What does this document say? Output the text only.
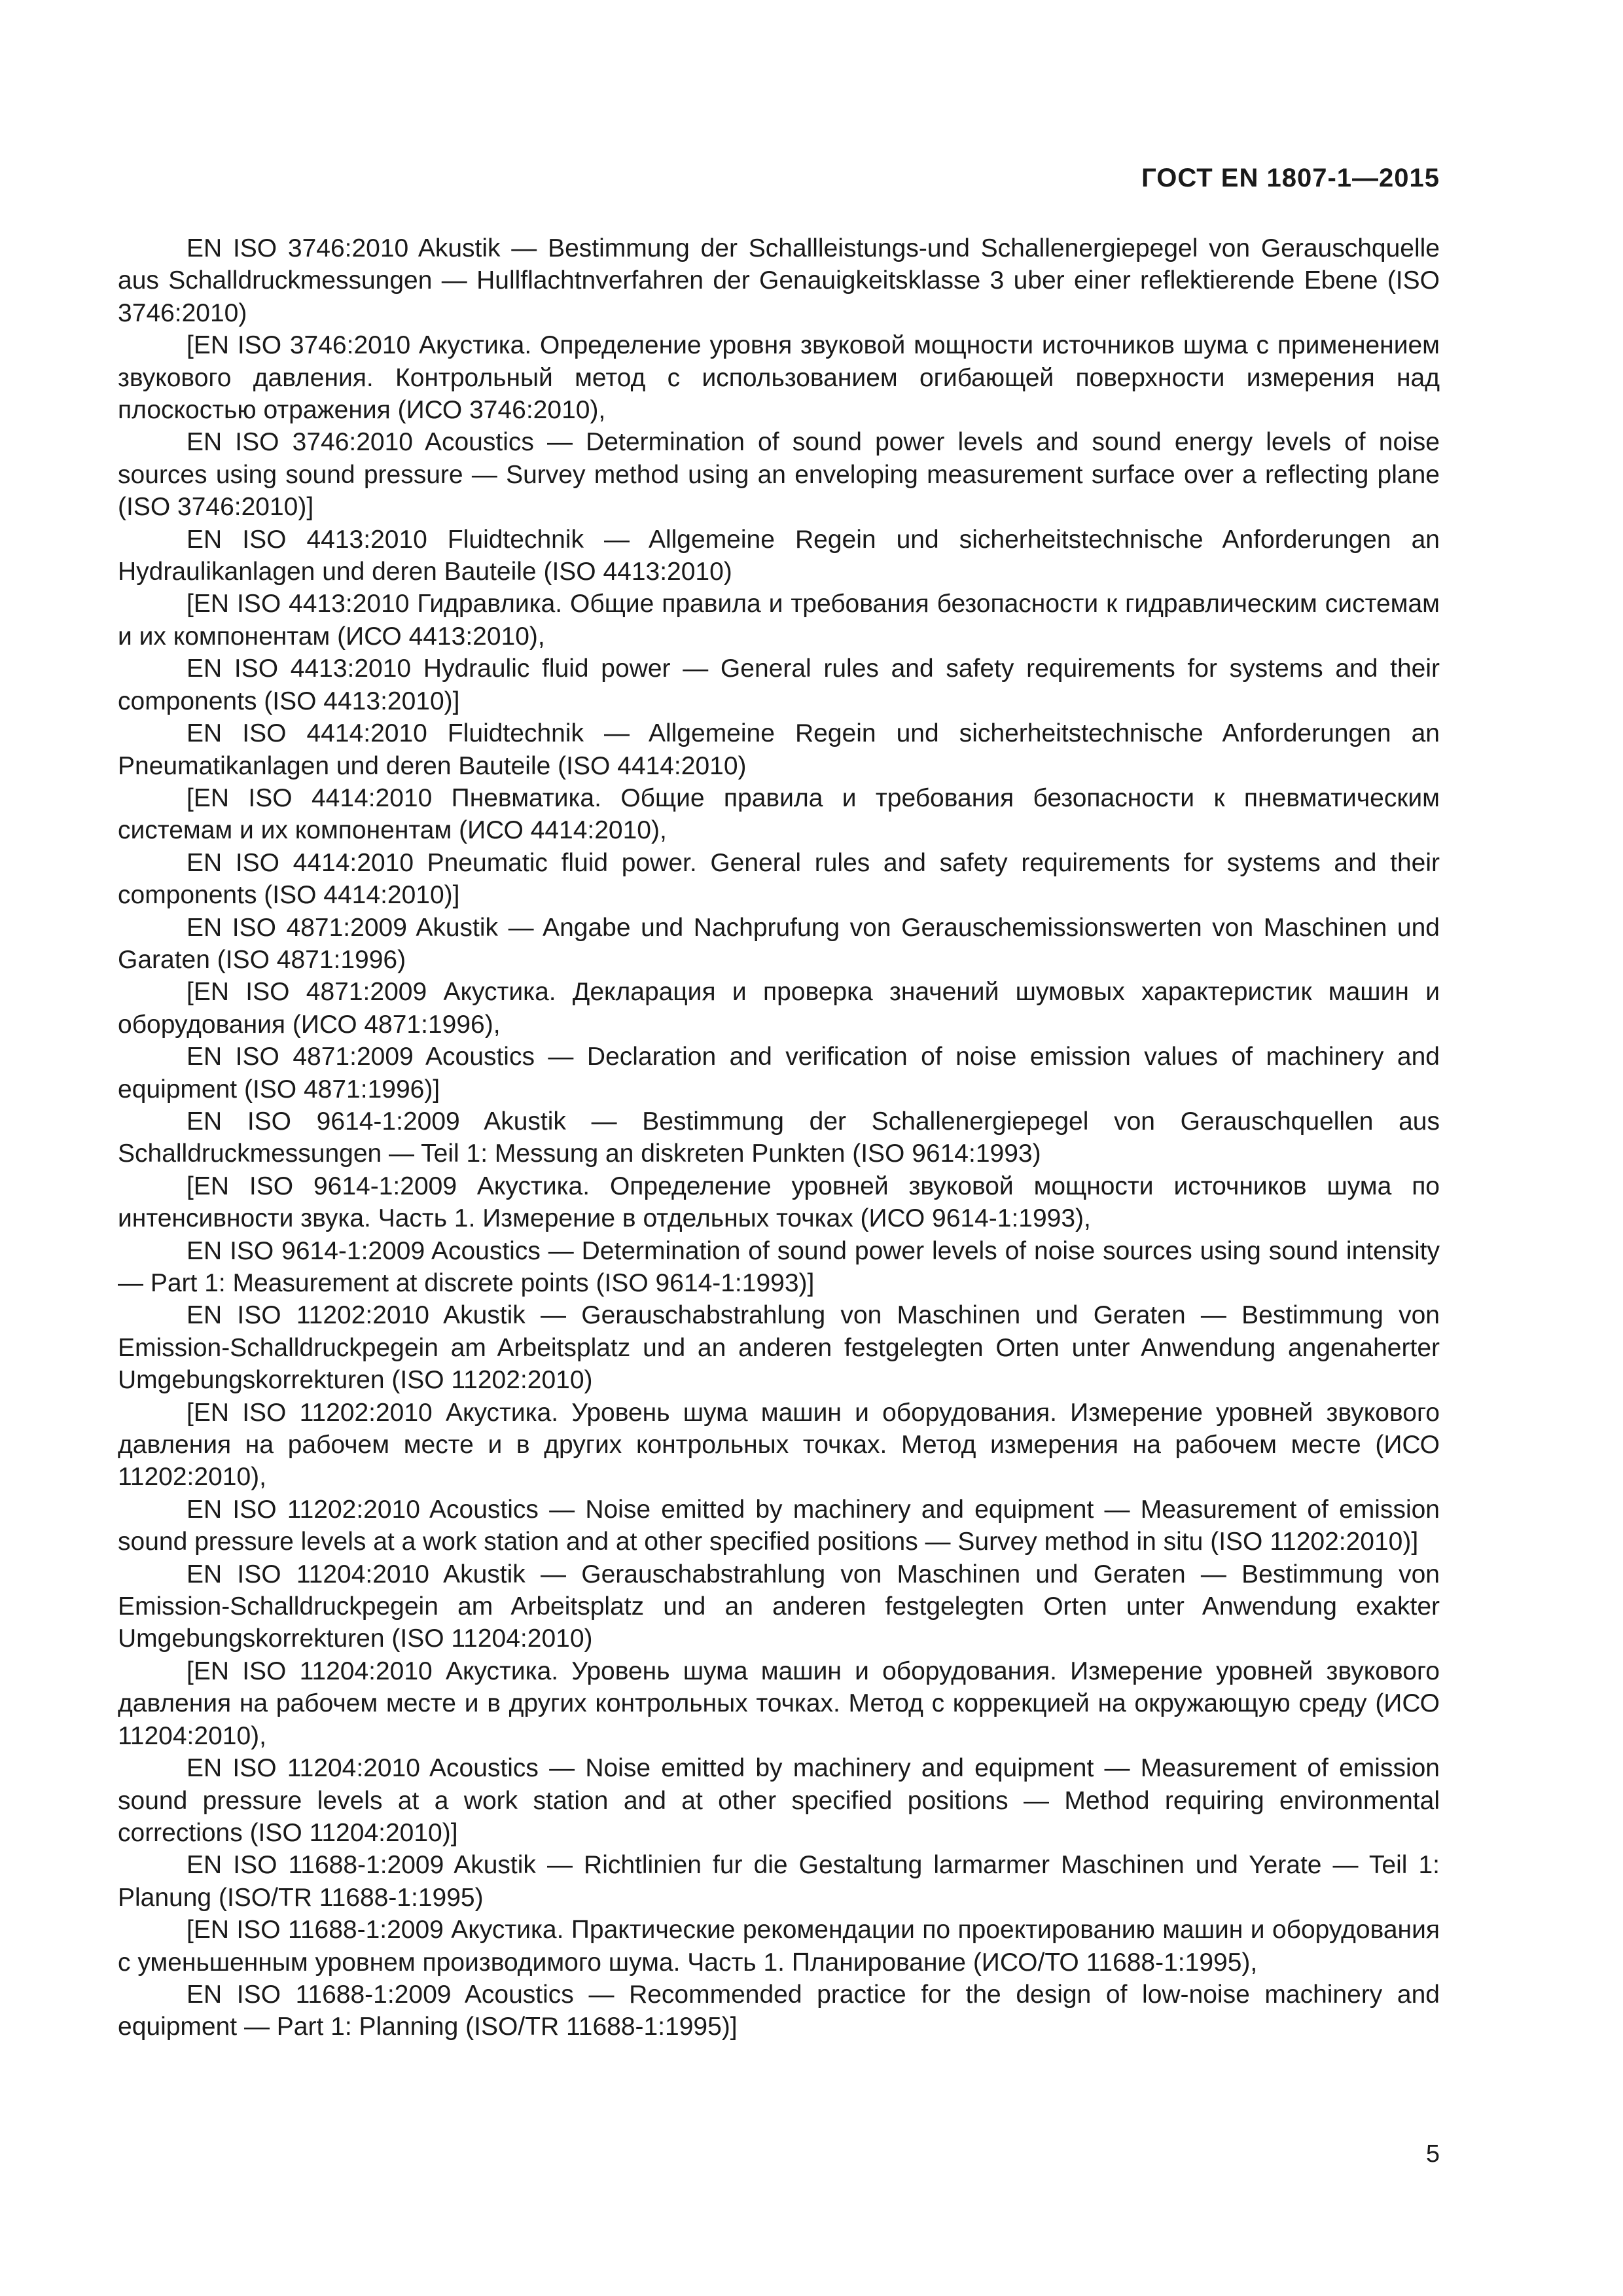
ГОСТ EN 1807-1—2015

EN ISO 3746:2010 Akustik — Bestimmung der Schallleistungs-und Schallenergiepegel von Gerauschquelle aus Schalldruckmessungen — Hullflachtnverfahren der Genauigkeitsklasse 3 uber einer reflektierende Ebene (ISO 3746:2010)

[EN ISO 3746:2010 Акустика. Определение уровня звуковой мощности источников шума с применением звукового давления. Контрольный метод с использованием огибающей поверхности измерения над плоскостью отражения (ИСО 3746:2010),

EN ISO 3746:2010 Acoustics — Determination of sound power levels and sound energy levels of noise sources using sound pressure — Survey method using an enveloping measurement surface over a reflecting plane (ISO 3746:2010)]

EN ISO 4413:2010 Fluidtechnik — Allgemeine Regein und sicherheitstechnische Anforderungen an Hydraulikanlagen und deren Bauteile (ISO 4413:2010)

[EN ISO 4413:2010 Гидравлика. Общие правила и требования безопасности к гидравлическим системам и их компонентам (ИСО 4413:2010),

EN ISO 4413:2010 Hydraulic fluid power — General rules and safety requirements for systems and their components (ISO 4413:2010)]

EN ISO 4414:2010 Fluidtechnik — Allgemeine Regein und sicherheitstechnische Anforderungen an Pneumatikanlagen und deren Bauteile (ISO 4414:2010)

[EN ISO 4414:2010 Пневматика. Общие правила и требования безопасности к пневматическим системам и их компонентам (ИСО 4414:2010),

EN ISO 4414:2010 Pneumatic fluid power. General rules and safety requirements for systems and their components (ISO 4414:2010)]

EN ISO 4871:2009 Akustik — Angabe und Nachprufung von Gerauschemissionswerten von Maschinen und Garaten (ISO 4871:1996)

[EN ISO 4871:2009 Акустика. Декларация и проверка значений шумовых характеристик машин и оборудования (ИСО 4871:1996),

EN ISO 4871:2009 Acoustics — Declaration and verification of noise emission values of machinery and equipment (ISO 4871:1996)]

EN ISO 9614-1:2009 Akustik — Bestimmung der Schallenergiepegel von Gerauschquellen aus Schalldruckmessungen — Teil 1: Messung an diskreten Punkten (ISO 9614:1993)

[EN ISO 9614-1:2009 Акустика. Определение уровней звуковой мощности источников шума по интенсивности звука. Часть 1. Измерение в отдельных точках (ИСО 9614-1:1993),

EN ISO 9614-1:2009 Acoustics — Determination of sound power levels of noise sources using sound intensity — Part 1: Measurement at discrete points (ISO 9614-1:1993)]

EN ISO 11202:2010 Akustik — Gerauschabstrahlung von Maschinen und Geraten — Bestimmung von Emission-Schalldruckpegein am Arbeitsplatz und an anderen festgelegten Orten unter Anwendung angenaherter Umgebungskorrekturen (ISO 11202:2010)

[EN ISO 11202:2010 Акустика. Уровень шума машин и оборудования. Измерение уровней звукового давления на рабочем месте и в других контрольных точках. Метод измерения на рабочем месте (ИСО 11202:2010),

EN ISO 11202:2010 Acoustics — Noise emitted by machinery and equipment — Measurement of emission sound pressure levels at a work station and at other specified positions — Survey method in situ (ISO 11202:2010)]

EN ISO 11204:2010 Akustik — Gerauschabstrahlung von Maschinen und Geraten — Bestimmung von Emission-Schalldruckpegein am Arbeitsplatz und an anderen festgelegten Orten unter Anwendung exakter Umgebungskorrekturen (ISO 11204:2010)

[EN ISO 11204:2010 Акустика. Уровень шума машин и оборудования. Измерение уровней звукового давления на рабочем месте и в других контрольных точках. Метод с коррекцией на окружающую среду (ИСО 11204:2010),

EN ISO 11204:2010 Acoustics — Noise emitted by machinery and equipment — Measurement of emission sound pressure levels at a work station and at other specified positions — Method requiring environmental corrections (ISO 11204:2010)]

EN ISO 11688-1:2009 Akustik — Richtlinien fur die Gestaltung larmarmer Maschinen und Yerate — Teil 1: Planung (ISO/TR 11688-1:1995)

[EN ISO 11688-1:2009 Акустика. Практические рекомендации по проектированию машин и оборудования с уменьшенным уровнем производимого шума. Часть 1. Планирование (ИСО/ТО 11688-1:1995),

EN ISO 11688-1:2009 Acoustics — Recommended practice for the design of low-noise machinery and equipment — Part 1: Planning (ISO/TR 11688-1:1995)]

5
